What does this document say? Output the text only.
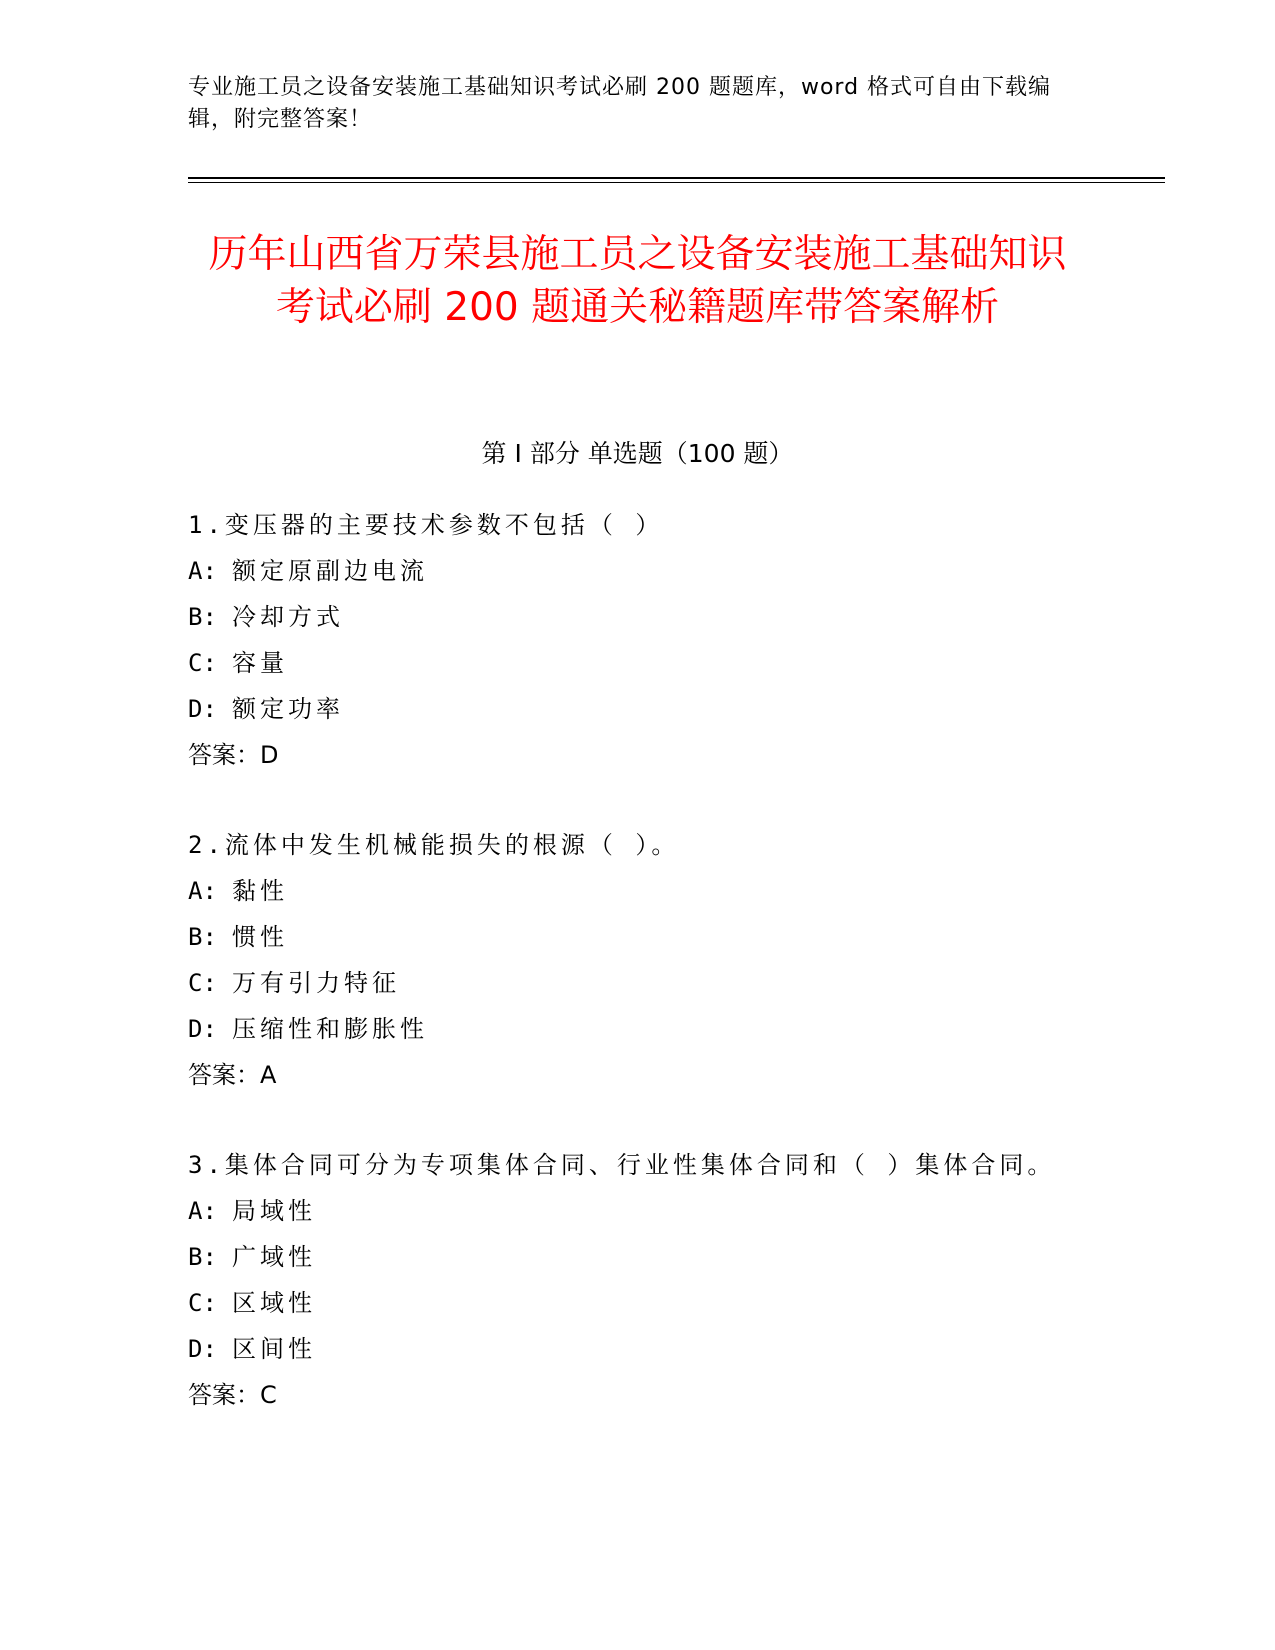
专业施工员之设备安装施工基础知识考试必刷 200 题题库，word 格式可自由下载编辑，附完整答案！
历年山西省万荣县施工员之设备安装施工基础知识考试必刷 200 题通关秘籍题库带答案解析
第 I 部分 单选题（100 题）
1.变压器的主要技术参数不包括（ ）
A: 额定原副边电流
B: 冷却方式
C: 容量
D: 额定功率
答案：D
2.流体中发生机械能损失的根源（ ）。
A: 黏性
B: 惯性
C: 万有引力特征
D: 压缩性和膨胀性
答案：A
3.集体合同可分为专项集体合同、行业性集体合同和（ ）集体合同。
A: 局域性
B: 广域性
C: 区域性
D: 区间性
答案：C
